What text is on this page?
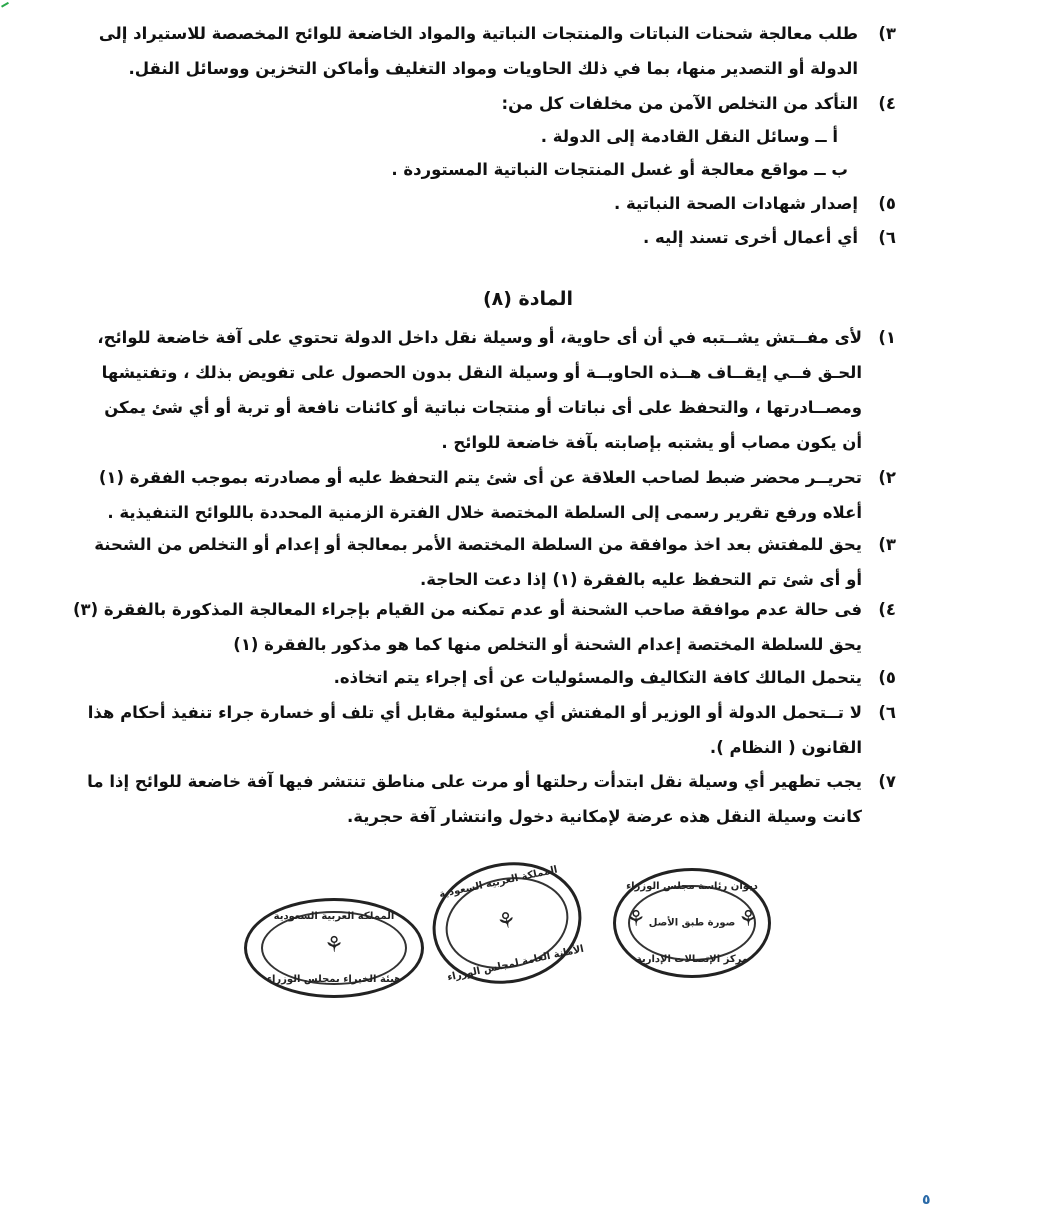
٣)
طلب معالجة شحنات النباتات والمنتجات النباتية والمواد الخاضعة للوائح المخصصة للاستيراد إلى
الدولة أو التصدير منها، بما في ذلك الحاويات ومواد التغليف وأماكن التخزين ووسائل النقل.
٤)
التأكد من التخلص الآمن من مخلفات كل من:
أ ــ وسائل النقل القادمة إلى الدولة .
ب ــ مواقع معالجة أو غسل المنتجات النباتية المستوردة .
٥)
إصدار شهادات الصحة النباتية .
٦)
أي أعمال أخرى تسند إليه .
المادة (٨)
١)
لأى مفــتش يشــتبه في أن أى حاوية، أو وسيلة نقل داخل الدولة تحتوي على آفة خاضعة للوائح،
الحـق فــي إيقــاف هــذه الحاويــة أو وسيلة النقل بدون الحصول على تفويض بذلك ، وتفتيشها
ومصــادرتها ، والتحفظ على أى نباتات أو منتجات نباتية أو كائنات نافعة أو تربة أو أي شئ يمكن
أن يكون مصاب أو يشتبه بإصابته بآفة خاضعة للوائح .
٢)
تحريــر محضر ضبط لصاحب العلاقة عن أى شئ يتم التحفظ عليه أو مصادرته بموجب الفقرة (١)
أعلاه ورفع تقرير رسمى إلى السلطة المختصة خلال الفترة الزمنية المحددة باللوائح التنفيذية .
٣)
يحق للمفتش بعد اخذ موافقة من السلطة المختصة الأمر بمعالجة أو إعدام أو التخلص من الشحنة
أو أى شئ تم التحفظ عليه بالفقرة (١) إذا دعت الحاجة.
٤)
فى حالة عدم موافقة صاحب الشحنة أو عدم تمكنه من القيام بإجراء المعالجة المذكورة بالفقرة (٣)
يحق للسلطة المختصة إعدام الشحنة أو التخلص منها كما هو مذكور بالفقرة (١)
٥)
يتحمل المالك كافة التكاليف والمسئوليات عن أى إجراء يتم اتخاذه.
٦)
لا تــتحمل الدولة أو الوزير أو المفتش أي مسئولية مقابل أي تلف أو خسارة جراء تنفيذ أحكام هذا
القانون ( النظام ).
٧)
يجب تطهير أي وسيلة نقل ابتدأت رحلتها أو مرت على مناطق تنتشر فيها آفة خاضعة للوائح إذا ما
كانت وسيلة النقل هذه عرضة لإمكانية دخول وانتشار آفة حجرية.
ديوان رئاسة مجلس الوزراء
صورة طبق الأصل
مركز الإتصالات الإدارية
⚘	⚘
المملكة العربية السعودية
⚘
الأمانة العامة لمجلس الوزراء
المملكة العربية السعودية
⚘
هيئة الخبراء بمجلس الوزراء
٥
